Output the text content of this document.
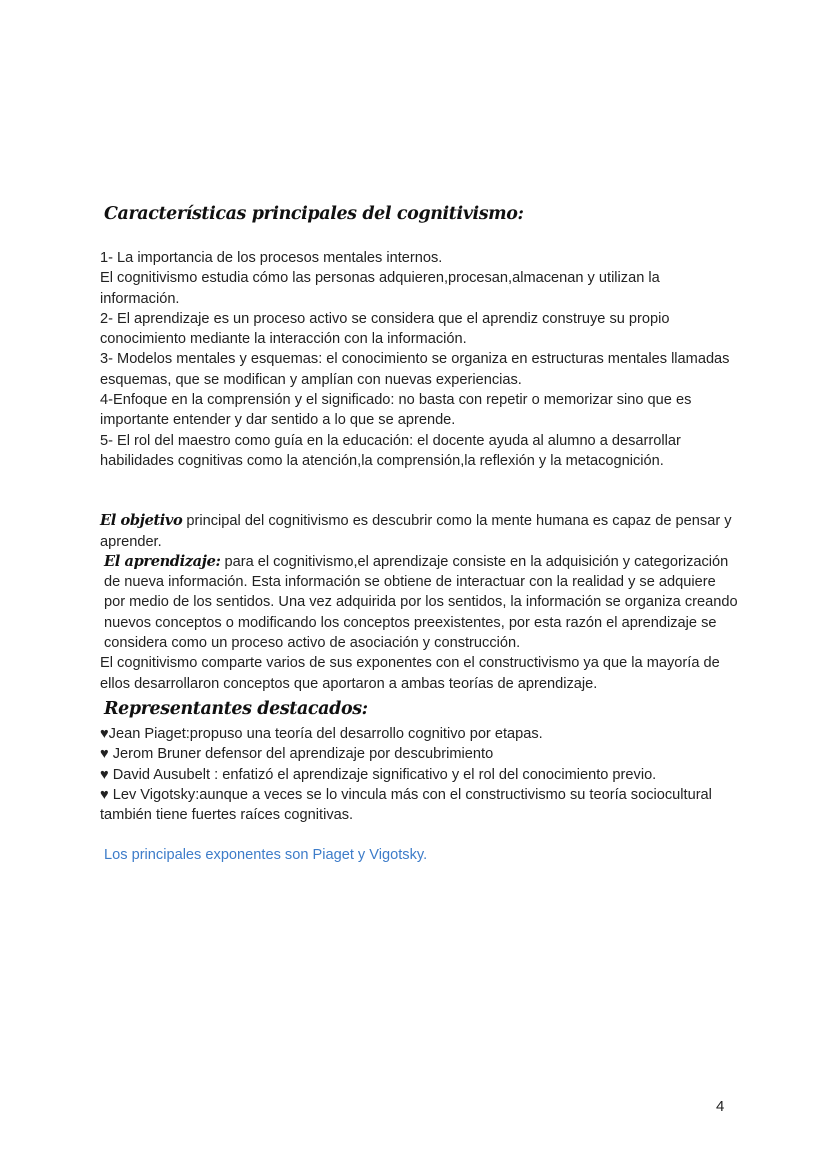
Características principales del cognitivismo:

1- La importancia de los procesos mentales internos.

El cognitivismo estudia cómo las personas adquieren,procesan,almacenan y utilizan la información.

2- El aprendizaje es un proceso activo se considera que el aprendiz construye su propio conocimiento mediante la interacción con la información.

3- Modelos mentales y esquemas: el conocimiento se organiza en estructuras mentales llamadas esquemas, que se modifican y amplían con nuevas experiencias.

4-Enfoque en la comprensión y el significado: no basta con repetir o memorizar sino que es importante entender y dar sentido a lo que se aprende.

5- El rol del maestro como guía en la educación: el docente ayuda al alumno a desarrollar habilidades cognitivas como la atención,la comprensión,la reflexión y la metacognición.

El objetivo principal del cognitivismo es descubrir como la mente humana es capaz de pensar y aprender.

El aprendizaje: para el cognitivismo,el aprendizaje consiste en la adquisición y categorización de nueva información. Esta información se obtiene de interactuar con la realidad y se adquiere por medio de los sentidos. Una vez adquirida por los sentidos, la información se organiza creando nuevos conceptos o modificando los conceptos preexistentes, por esta razón el aprendizaje se considera como un proceso activo de asociación y construcción.

El cognitivismo comparte varios de sus exponentes con el constructivismo ya que la mayoría de ellos desarrollaron conceptos que aportaron a ambas teorías de aprendizaje.

Representantes destacados:
♥Jean Piaget:propuso una teoría del desarrollo cognitivo por etapas.
♥ Jerom Bruner defensor del aprendizaje por descubrimiento
♥ David Ausubelt : enfatizó el aprendizaje significativo y el rol del conocimiento previo.
♥ Lev Vigotsky:aunque a veces se lo vincula más con el constructivismo su teoría sociocultural también tiene fuertes raíces cognitivas.

Los principales exponentes son Piaget y Vigotsky.

4
